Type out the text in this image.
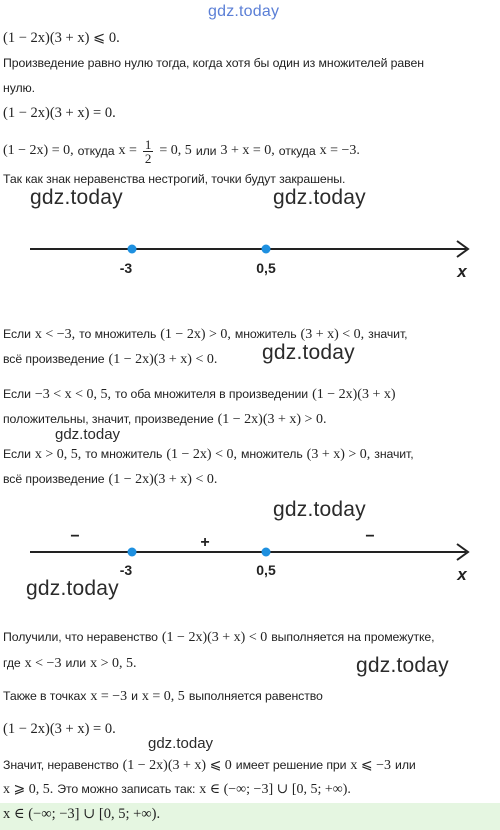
gdz.today
(1 − 2x)(3 + x) ⩽ 0.
Произведение равно нулю тогда, когда хотя бы один из множителей равен
нулю.
(1 − 2x)(3 + x) = 0.
(1 − 2x) = 0, откуда $x = \frac{1}{2} = 0$, 5 или 3 + x = 0, откуда x = −3.
Так как знак неравенства нестрогий, точки будут закрашены.
gdz.today	gdz.today
-3	0,5	x
Если x < −3, то множитель (1 − 2x) > 0, множитель (3 + x) < 0, значит,
всё произведение (1 − 2x)(3 + x) < 0. gdz.today
Если −3 < x < 0, 5, то оба множителя в произведении (1 − 2x)(3 + x)
положительны, значит, произведение (1 − 2x)(3 + x) > 0.
gdz.today
Если x > 0, 5, то множитель (1 − 2x) < 0, множитель (3 + x) > 0, значит,
всё произведение (1 − 2x)(3 + x) < 0.
gdz.today
−	+	−
-3	0,5	x
gdz.today
Получили, что неравенство (1 − 2x)(3 + x) < 0 выполняется на промежутке,
где x < −3 или x > 0, 5.	gdz.today
Также в точках x = −3 и x = 0, 5 выполняется равенство
(1 − 2x)(3 + x) = 0.
gdz.today
Значит, неравенство (1 − 2x)(3 + x) ⩽ 0 имеет решение при x ⩽ −3 или
x ⩾ 0, 5. Это можно записать так: x ∈ (−∞; −3] ∪ [0, 5; +∞).
x ∈ (−∞; −3] ∪ [0, 5; +∞).
